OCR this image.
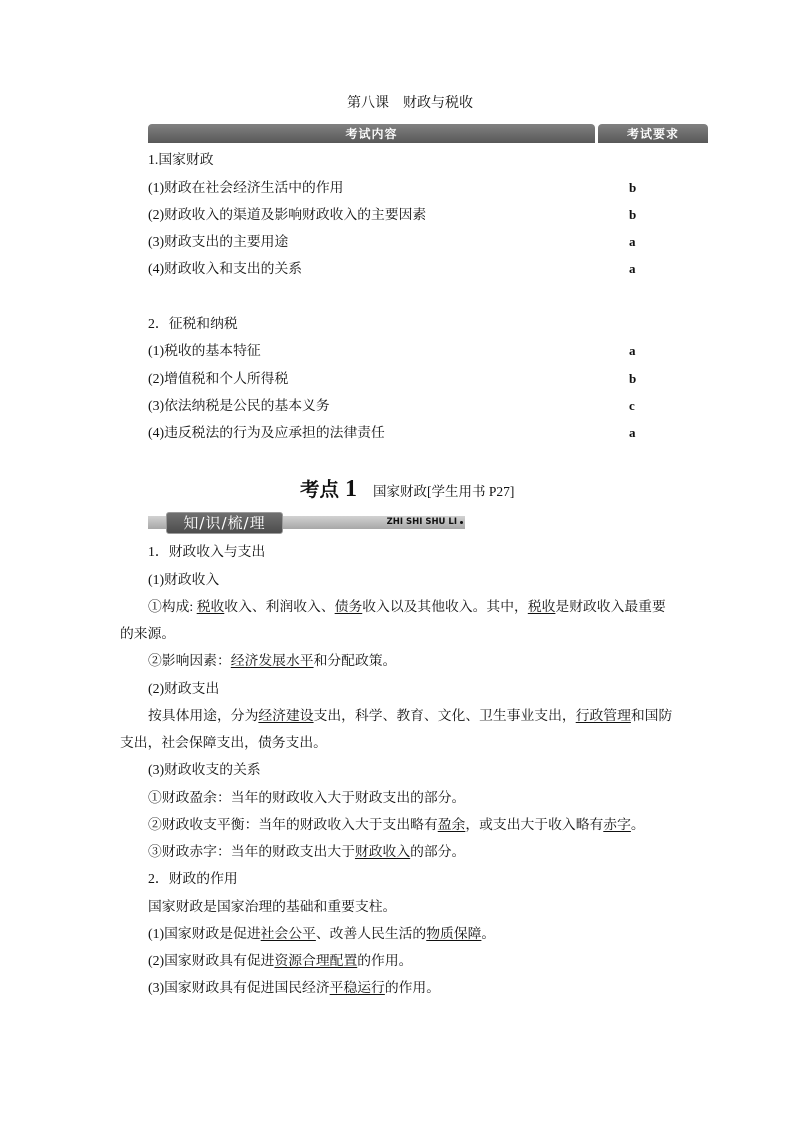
第八课　财政与税收
考试内容	考试要求
1.国家财政
(1)财政在社会经济生活中的作用	b
(2)财政收入的渠道及影响财政收入的主要因素	b
(3)财政支出的主要用途	a
(4)财政收入和支出的关系	a
2．征税和纳税
(1)税收的基本特征	a
(2)增值税和个人所得税	b
(3)依法纳税是公民的基本义务	c
(4)违反税法的行为及应承担的法律责任	a
考点 1 国家财政[学生用书 P27]
知/识/梳/理	ZHI SHI SHU LI
1．财政收入与支出
(1)财政收入
①构成: 税收收入、利润收入、债务收入以及其他收入。其中，税收是财政收入最重要
的来源。
②影响因素：经济发展水平和分配政策。
(2)财政支出
按具体用途，分为经济建设支出，科学、教育、文化、卫生事业支出，行政管理和国防
支出，社会保障支出，债务支出。
(3)财政收支的关系
①财政盈余：当年的财政收入大于财政支出的部分。
②财政收支平衡：当年的财政收入大于支出略有盈余，或支出大于收入略有赤字。
③财政赤字：当年的财政支出大于财政收入的部分。
2．财政的作用
国家财政是国家治理的基础和重要支柱。
(1)国家财政是促进社会公平、改善人民生活的物质保障。
(2)国家财政具有促进资源合理配置的作用。
(3)国家财政具有促进国民经济平稳运行的作用。
